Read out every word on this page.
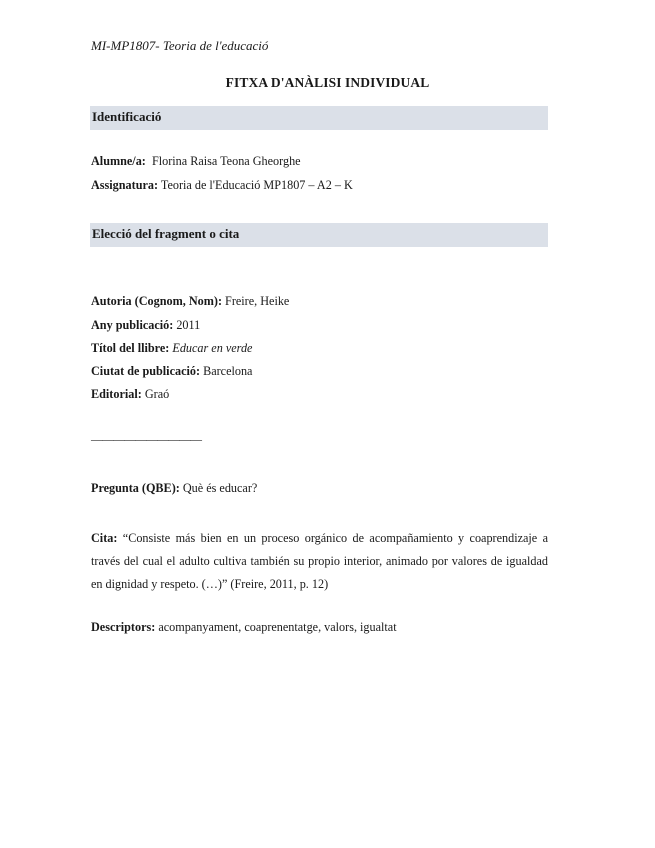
MI-MP1807- Teoria de l'educació
FITXA D'ANÀLISI INDIVIDUAL
Identificació
Alumne/a: Florina Raisa Teona Gheorghe
Assignatura: Teoria de l'Educació MP1807 – A2 – K
Elecció del fragment o cita
Autoria (Cognom, Nom): Freire, Heike
Any publicació: 2011
Títol del llibre: Educar en verde
Ciutat de publicació: Barcelona
Editorial: Graó
——————————
Pregunta (QBE): Què és educar?
Cita: “Consiste más bien en un proceso orgánico de acompañamiento y coaprendizaje a través del cual el adulto cultiva también su propio interior, animado por valores de igualdad en dignidad y respeto. (…)” (Freire, 2011, p. 12)
Descriptors: acompanyament, coaprenentatge, valors, igualtat
